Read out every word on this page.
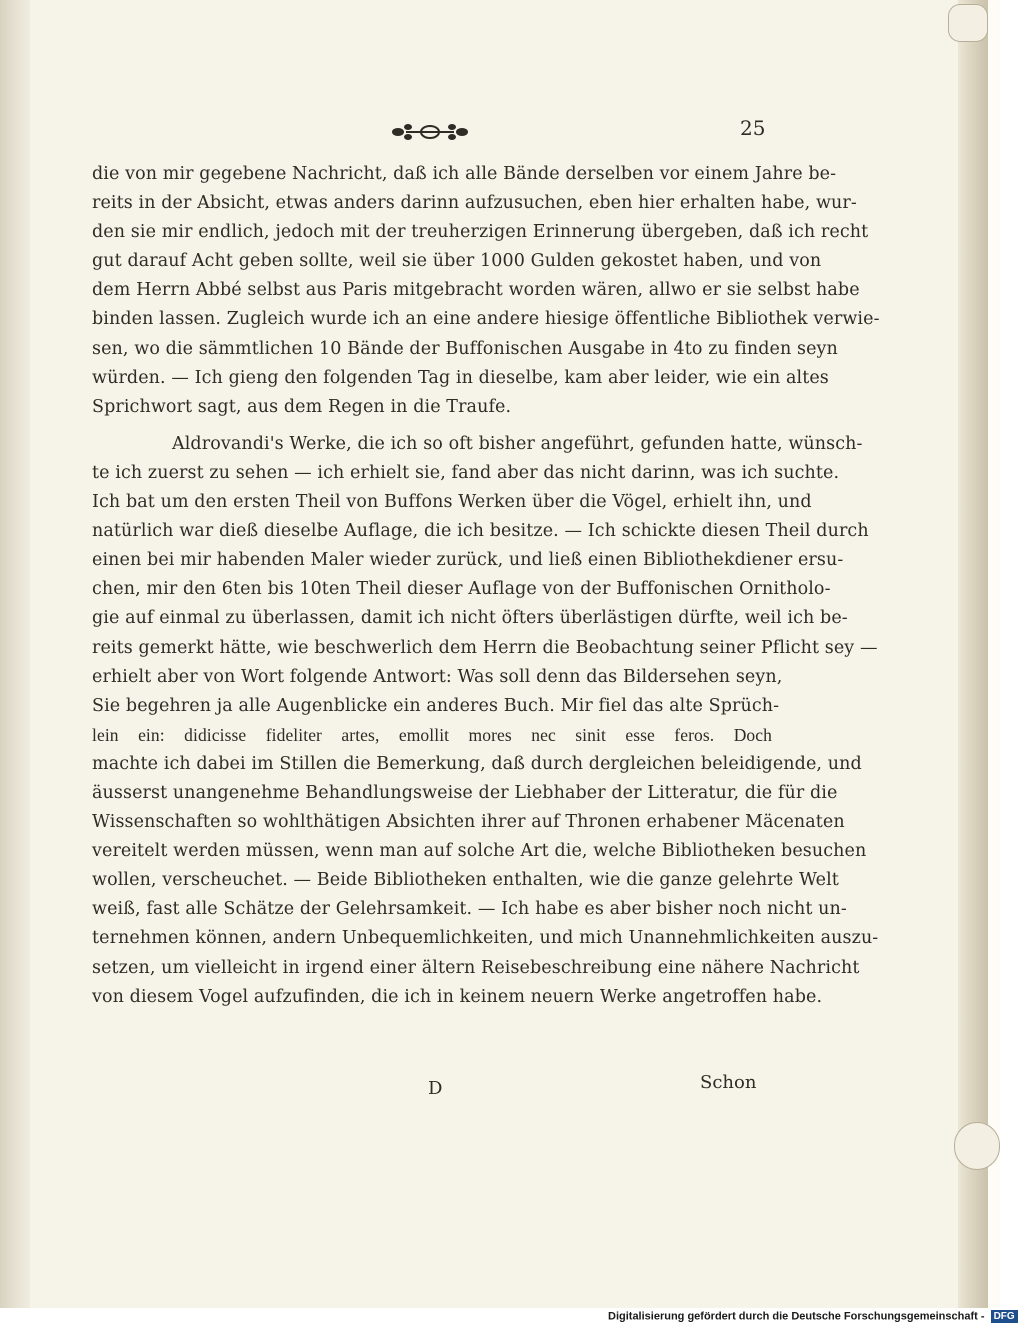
25
die von mir gegebene Nachricht, daß ich alle Bände derselben vor einem Jahre be-
reits in der Absicht, etwas anders darinn aufzusuchen, eben hier erhalten habe, wur-
den sie mir endlich, jedoch mit der treuherzigen Erinnerung übergeben, daß ich recht
gut darauf Acht geben sollte, weil sie über 1000 Gulden gekostet haben, und von
dem Herrn Abbé selbst aus Paris mitgebracht worden wären, allwo er sie selbst habe
binden lassen. Zugleich wurde ich an eine andere hiesige öffentliche Bibliothek verwie-
sen, wo die sämmtlichen 10 Bände der Buffonischen Ausgabe in 4to zu finden seyn
würden. — Ich gieng den folgenden Tag in dieselbe, kam aber leider, wie ein altes
Sprichwort sagt, aus dem Regen in die Traufe.
Aldrovandi's Werke, die ich so oft bisher angeführt, gefunden hatte, wünsch-
te ich zuerst zu sehen — ich erhielt sie, fand aber das nicht darinn, was ich suchte.
Ich bat um den ersten Theil von Buffons Werken über die Vögel, erhielt ihn, und
natürlich war dieß dieselbe Auflage, die ich besitze. — Ich schickte diesen Theil durch
einen bei mir habenden Maler wieder zurück, und ließ einen Bibliothekdiener ersu-
chen, mir den 6ten bis 10ten Theil dieser Auflage von der Buffonischen Ornitholo-
gie auf einmal zu überlassen, damit ich nicht öfters überlästigen dürfte, weil ich be-
reits gemerkt hätte, wie beschwerlich dem Herrn die Beobachtung seiner Pflicht sey —
erhielt aber von Wort folgende Antwort: Was soll denn das Bildersehen seyn,
Sie begehren ja alle Augenblicke ein anderes Buch. Mir fiel das alte Sprüch-
lein ein: didicisse fideliter artes, emollit mores nec sinit esse feros. Doch
machte ich dabei im Stillen die Bemerkung, daß durch dergleichen beleidigende, und
äusserst unangenehme Behandlungsweise der Liebhaber der Litteratur, die für die
Wissenschaften so wohlthätigen Absichten ihrer auf Thronen erhabener Mäcenaten
vereitelt werden müssen, wenn man auf solche Art die, welche Bibliotheken besuchen
wollen, verscheuchet. — Beide Bibliotheken enthalten, wie die ganze gelehrte Welt
weiß, fast alle Schätze der Gelehrsamkeit. — Ich habe es aber bisher noch nicht un-
ternehmen können, andern Unbequemlichkeiten, und mich Unannehmlichkeiten auszu-
setzen, um vielleicht in irgend einer ältern Reisebeschreibung eine nähere Nachricht
von diesem Vogel aufzufinden, die ich in keinem neuern Werke angetroffen habe.
D	Schon
Digitalisierung gefördert durch die Deutsche Forschungsgemeinschaft - DFG
